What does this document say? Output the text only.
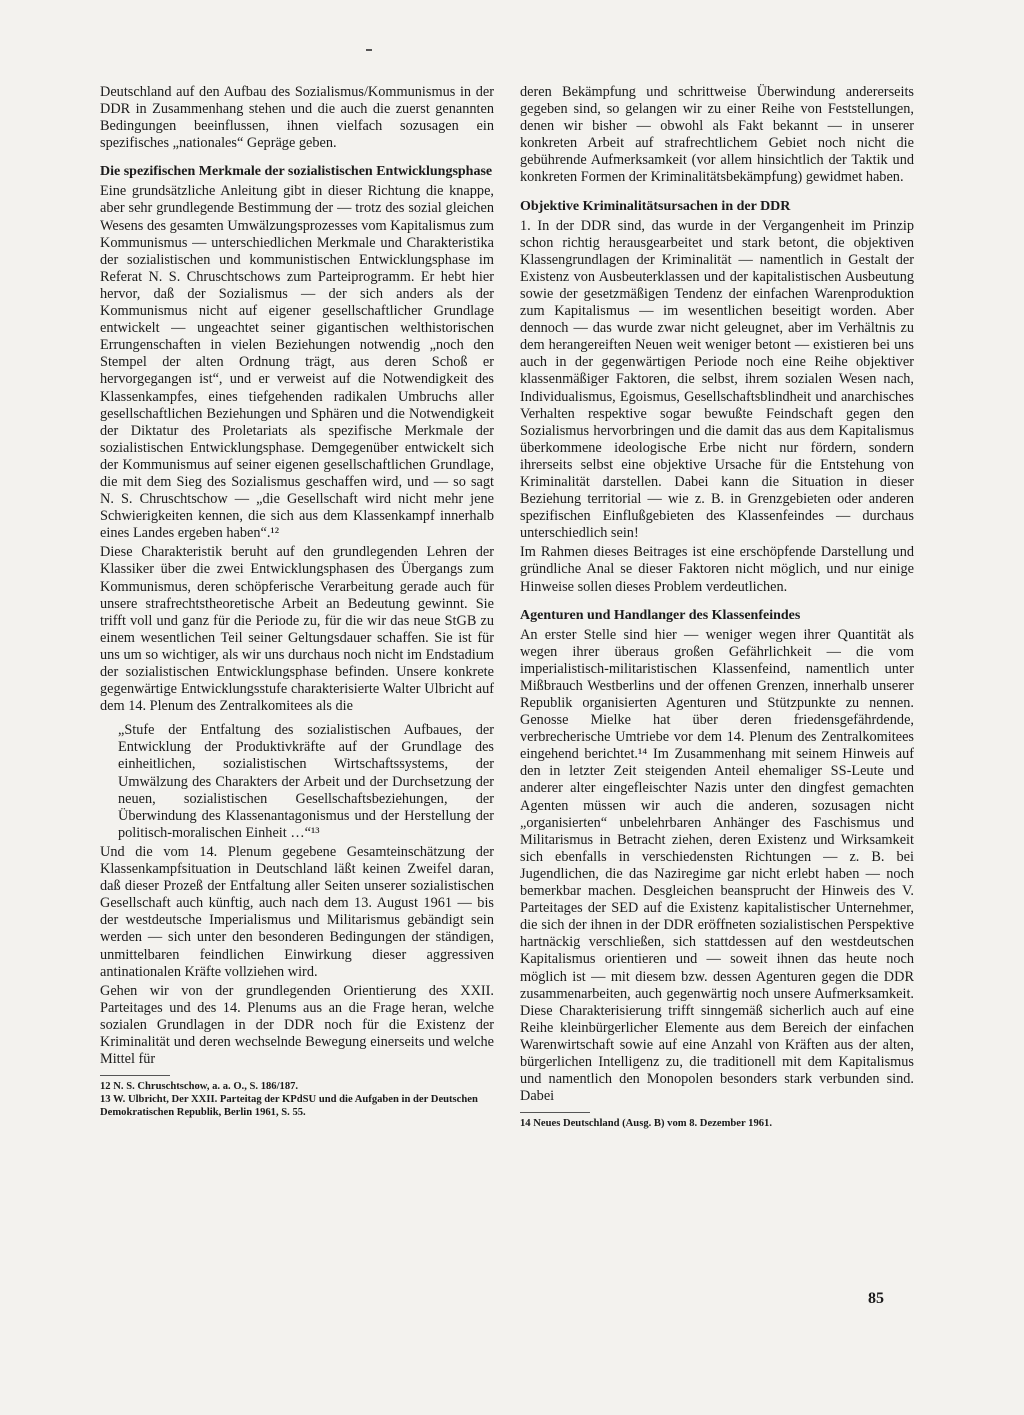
Deutschland auf den Aufbau des Sozialismus/Kommunismus in der DDR in Zusammenhang stehen und die auch die zuerst genannten Bedingungen beeinflussen, ihnen vielfach sozusagen ein spezifisches „nationales“ Gepräge geben.

Die spezifischen Merkmale der sozialistischen Entwicklungsphase

Eine grundsätzliche Anleitung gibt in dieser Richtung die knappe, aber sehr grundlegende Bestimmung der — trotz des sozial gleichen Wesens des gesamten Umwälzungsprozesses vom Kapitalismus zum Kommunismus — unterschiedlichen Merkmale und Charakteristika der sozialistischen und kommunistischen Entwicklungsphase im Referat N. S. Chruschtschows zum Parteiprogramm. Er hebt hier hervor, daß der Sozialismus — der sich anders als der Kommunismus nicht auf eigener gesellschaftlicher Grundlage entwickelt — ungeachtet seiner gigantischen welthistorischen Errungenschaften in vielen Beziehungen notwendig „noch den Stempel der alten Ordnung trägt, aus deren Schoß er hervorgegangen ist“, und er verweist auf die Notwendigkeit des Klassenkampfes, eines tiefgehenden radikalen Umbruchs aller gesellschaftlichen Beziehungen und Sphären und die Notwendigkeit der Diktatur des Proletariats als spezifische Merkmale der sozialistischen Entwicklungsphase. Demgegenüber entwickelt sich der Kommunismus auf seiner eigenen gesellschaftlichen Grundlage, die mit dem Sieg des Sozialismus geschaffen wird, und — so sagt N. S. Chruschtschow — „die Gesellschaft wird nicht mehr jene Schwierigkeiten kennen, die sich aus dem Klassenkampf innerhalb eines Landes ergeben haben“.¹²

Diese Charakteristik beruht auf den grundlegenden Lehren der Klassiker über die zwei Entwicklungsphasen des Übergangs zum Kommunismus, deren schöpferische Verarbeitung gerade auch für unsere strafrechtstheoretische Arbeit an Bedeutung gewinnt. Sie trifft voll und ganz für die Periode zu, für die wir das neue StGB zu einem wesentlichen Teil seiner Geltungsdauer schaffen. Sie ist für uns um so wichtiger, als wir uns durchaus noch nicht im Endstadium der sozialistischen Entwicklungsphase befinden. Unsere konkrete gegenwärtige Entwicklungsstufe charakterisierte Walter Ulbricht auf dem 14. Plenum des Zentralkomitees als die

„Stufe der Entfaltung des sozialistischen Aufbaues, der Entwicklung der Produktivkräfte auf der Grundlage des einheitlichen, sozialistischen Wirtschaftssystems, der Umwälzung des Charakters der Arbeit und der Durchsetzung der neuen, sozialistischen Gesellschaftsbeziehungen, der Überwindung des Klassenantagonismus und der Herstellung der politisch-moralischen Einheit …“¹³

Und die vom 14. Plenum gegebene Gesamteinschätzung der Klassenkampfsituation in Deutschland läßt keinen Zweifel daran, daß dieser Prozeß der Entfaltung aller Seiten unserer sozialistischen Gesellschaft auch künftig, auch nach dem 13. August 1961 — bis der westdeutsche Imperialismus und Militarismus gebändigt sein werden — sich unter den besonderen Bedingungen der ständigen, unmittelbaren feindlichen Einwirkung dieser aggressiven antinationalen Kräfte vollziehen wird.

Gehen wir von der grundlegenden Orientierung des XXII. Parteitages und des 14. Plenums aus an die Frage heran, welche sozialen Grundlagen in der DDR noch für die Existenz der Kriminalität und deren wechselnde Bewegung einerseits und welche Mittel für

12 N. S. Chruschtschow, a. a. O., S. 186/187.

13 W. Ulbricht, Der XXII. Parteitag der KPdSU und die Aufgaben in der Deutschen Demokratischen Republik, Berlin 1961, S. 55.

deren Bekämpfung und schrittweise Überwindung andererseits gegeben sind, so gelangen wir zu einer Reihe von Feststellungen, denen wir bisher — obwohl als Fakt bekannt — in unserer konkreten Arbeit auf strafrechtlichem Gebiet noch nicht die gebührende Aufmerksamkeit (vor allem hinsichtlich der Taktik und konkreten Formen der Kriminalitätsbekämpfung) gewidmet haben.

Objektive Kriminalitätsursachen in der DDR

1. In der DDR sind, das wurde in der Vergangenheit im Prinzip schon richtig herausgearbeitet und stark betont, die objektiven Klassengrundlagen der Kriminalität — namentlich in Gestalt der Existenz von Ausbeuterklassen und der kapitalistischen Ausbeutung sowie der gesetzmäßigen Tendenz der einfachen Warenproduktion zum Kapitalismus — im wesentlichen beseitigt worden. Aber dennoch — das wurde zwar nicht geleugnet, aber im Verhältnis zu dem herangereiften Neuen weit weniger betont — existieren bei uns auch in der gegenwärtigen Periode noch eine Reihe objektiver klassenmäßiger Faktoren, die selbst, ihrem sozialen Wesen nach, Individualismus, Egoismus, Gesellschaftsblindheit und anarchisches Verhalten respektive sogar bewußte Feindschaft gegen den Sozialismus hervorbringen und die damit das aus dem Kapitalismus überkommene ideologische Erbe nicht nur fördern, sondern ihrerseits selbst eine objektive Ursache für die Entstehung von Kriminalität darstellen. Dabei kann die Situation in dieser Beziehung territorial — wie z. B. in Grenzgebieten oder anderen spezifischen Einflußgebieten des Klassenfeindes — durchaus unterschiedlich sein!

Im Rahmen dieses Beitrages ist eine erschöpfende Darstellung und gründliche Anal se dieser Faktoren nicht möglich, und nur einige Hinweise sollen dieses Problem verdeutlichen.

Agenturen und Handlanger des Klassenfeindes

An erster Stelle sind hier — weniger wegen ihrer Quantität als wegen ihrer überaus großen Gefährlichkeit — die vom imperialistisch-militaristischen Klassenfeind, namentlich unter Mißbrauch Westberlins und der offenen Grenzen, innerhalb unserer Republik organisierten Agenturen und Stützpunkte zu nennen. Genosse Mielke hat über deren friedensgefährdende, verbrecherische Umtriebe vor dem 14. Plenum des Zentralkomitees eingehend berichtet.¹⁴ Im Zusammenhang mit seinem Hinweis auf den in letzter Zeit steigenden Anteil ehemaliger SS-Leute und anderer alter eingefleischter Nazis unter den dingfest gemachten Agenten müssen wir auch die anderen, sozusagen nicht „organisierten“ unbelehrbaren Anhänger des Faschismus und Militarismus in Betracht ziehen, deren Existenz und Wirksamkeit sich ebenfalls in verschiedensten Richtungen — z. B. bei Jugendlichen, die das Naziregime gar nicht erlebt haben — noch bemerkbar machen. Desgleichen beansprucht der Hinweis des V. Parteitages der SED auf die Existenz kapitalistischer Unternehmer, die sich der ihnen in der DDR eröffneten sozialistischen Perspektive hartnäckig verschließen, sich stattdessen auf den westdeutschen Kapitalismus orientieren und — soweit ihnen das heute noch möglich ist — mit diesem bzw. dessen Agenturen gegen die DDR zusammenarbeiten, auch gegenwärtig noch unsere Aufmerksamkeit. Diese Charakterisierung trifft sinngemäß sicherlich auch auf eine Reihe kleinbürgerlicher Elemente aus dem Bereich der einfachen Warenwirtschaft sowie auf eine Anzahl von Kräften aus der alten, bürgerlichen Intelligenz zu, die traditionell mit dem Kapitalismus und namentlich den Monopolen besonders stark verbunden sind. Dabei

14 Neues Deutschland (Ausg. B) vom 8. Dezember 1961.

85
